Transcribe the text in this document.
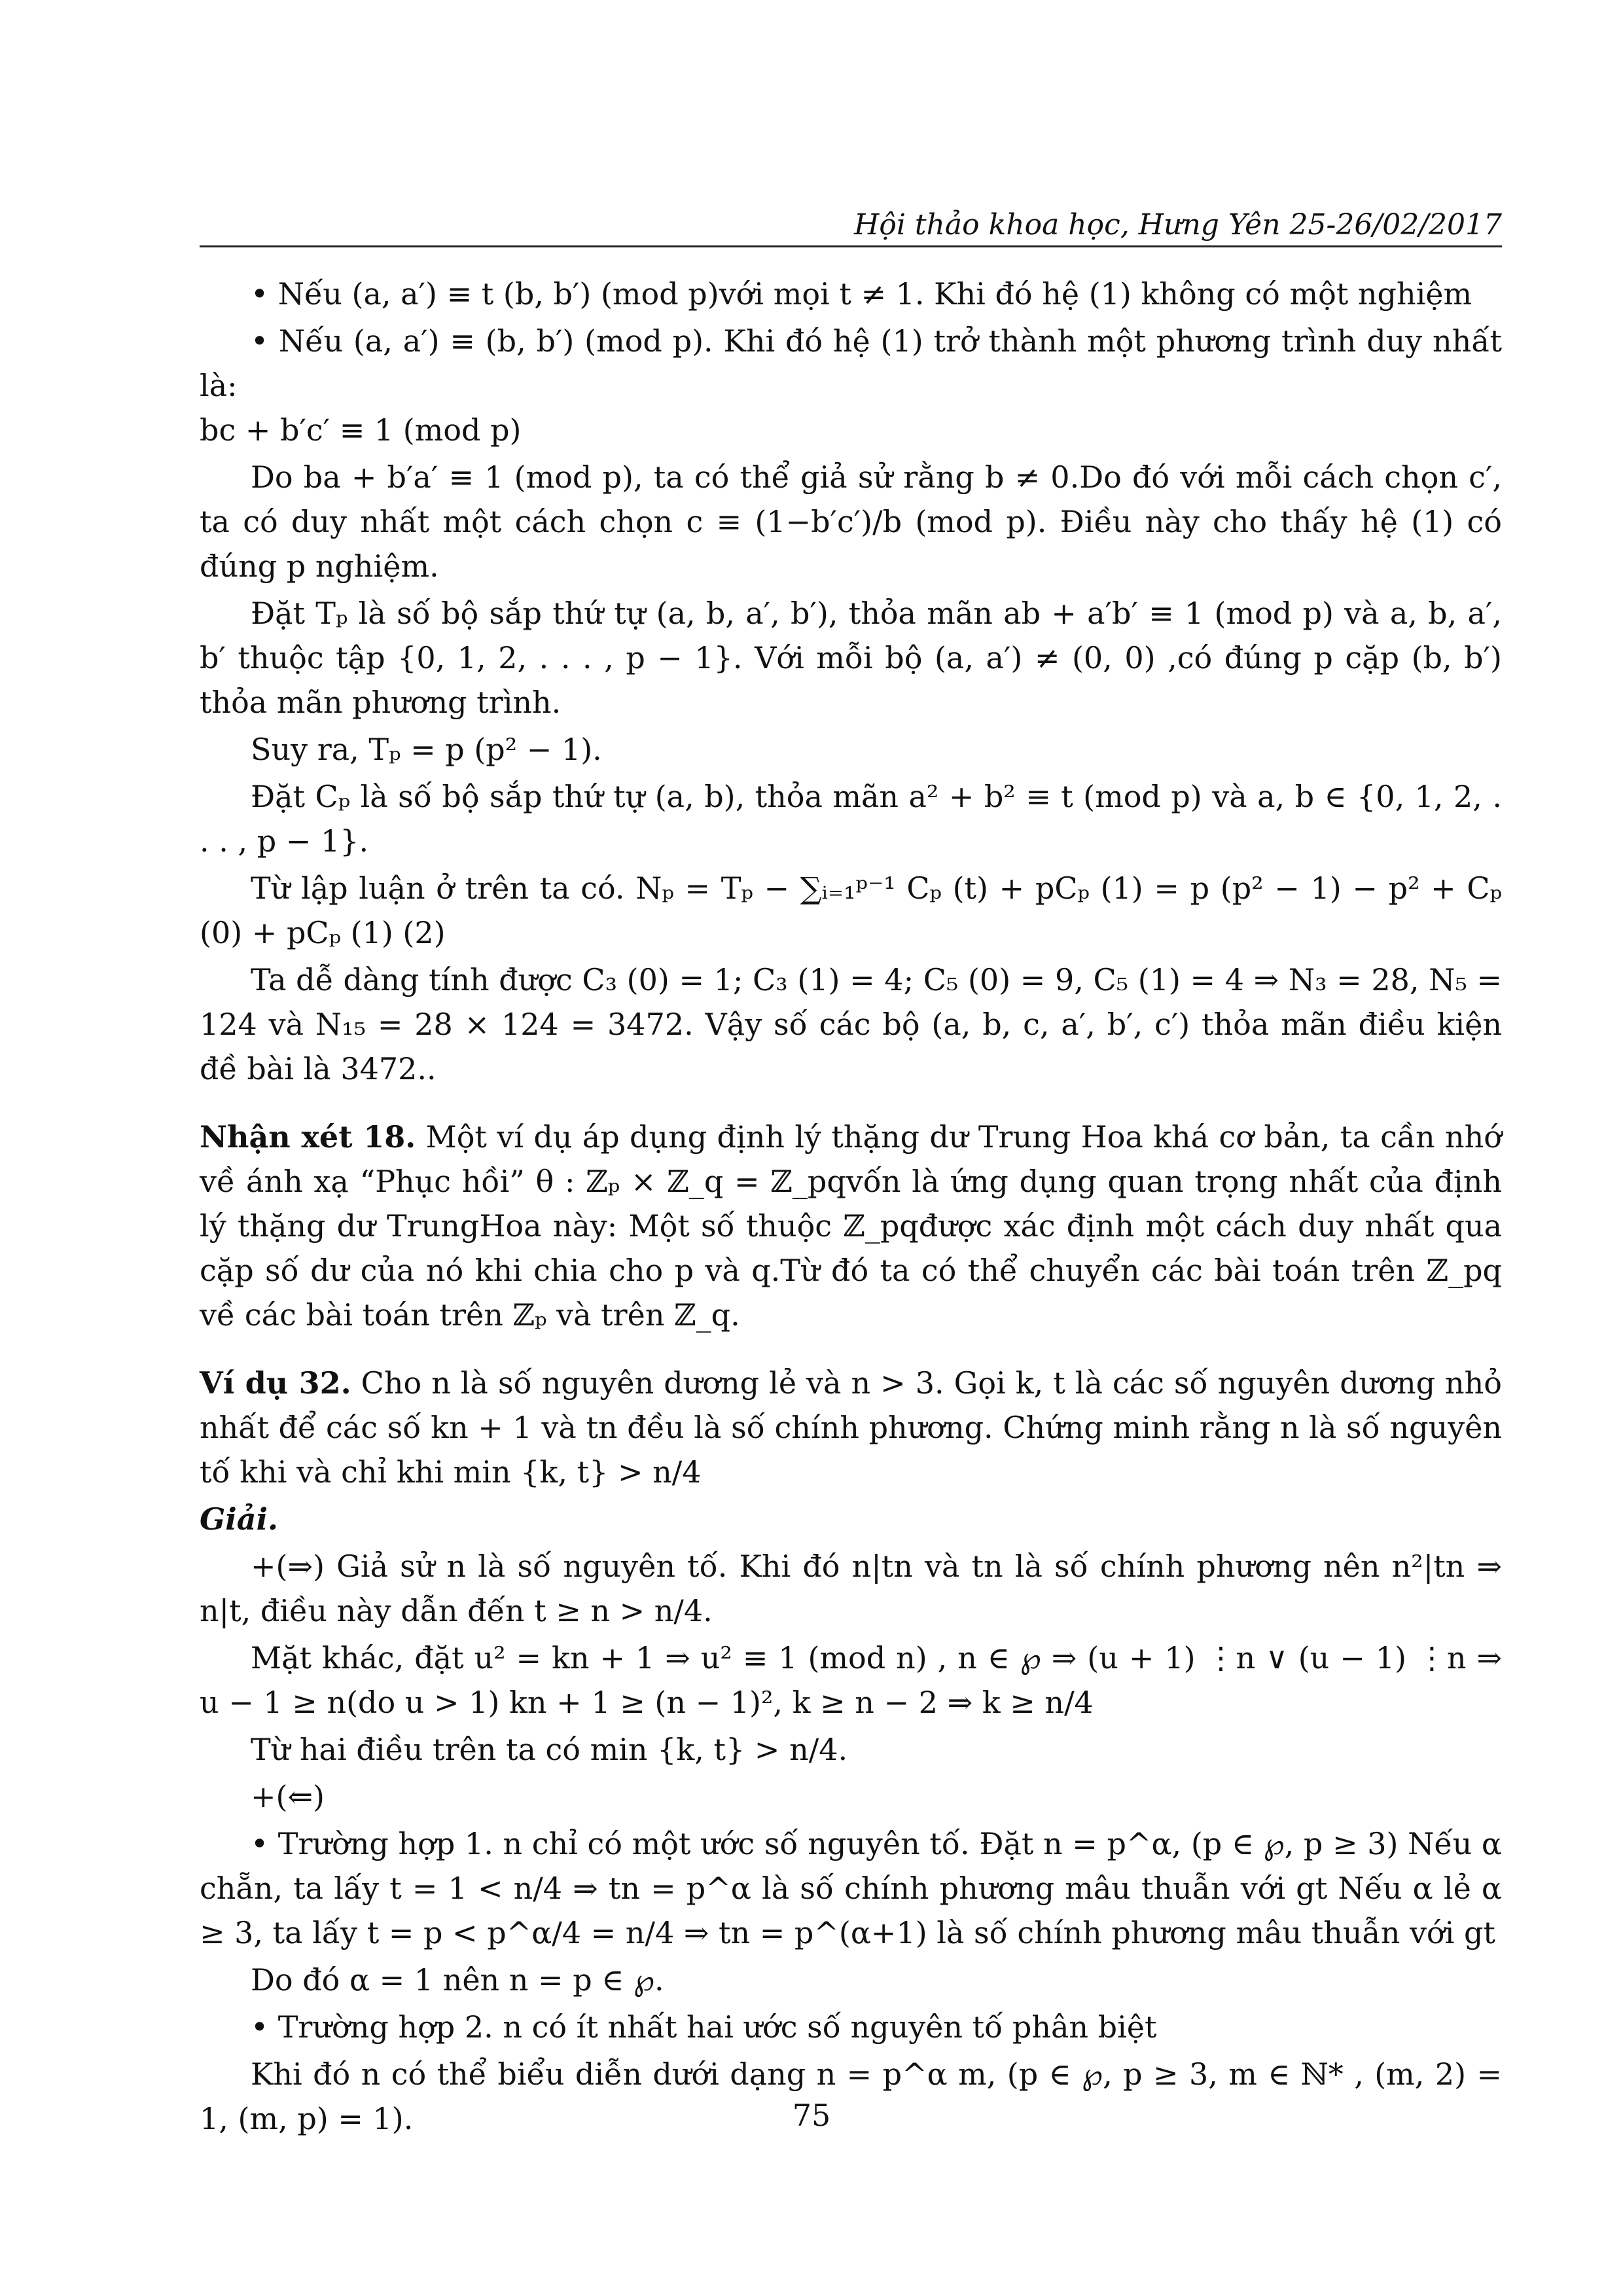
Hội thảo khoa học, Hưng Yên 25-26/02/2017

• Nếu (a, a′) ≡ t (b, b′) (mod p)với mọi t ≠ 1. Khi đó hệ (1) không có một nghiệm

• Nếu (a, a′) ≡ (b, b′) (mod p). Khi đó hệ (1) trở thành một phương trình duy nhất là:

bc + b′c′ ≡ 1 (mod p)

Do ba + b′a′ ≡ 1 (mod p), ta có thể giả sử rằng b ≠ 0.Do đó với mỗi cách chọn c′, ta có duy nhất một cách chọn c ≡ (1−b′c′)/b (mod p). Điều này cho thấy hệ (1) có đúng p nghiệm.

Đặt Tₚ là số bộ sắp thứ tự (a, b, a′, b′), thỏa mãn ab + a′b′ ≡ 1 (mod p) và a, b, a′, b′ thuộc tập {0, 1, 2, . . . , p − 1}. Với mỗi bộ (a, a′) ≠ (0, 0) ,có đúng p cặp (b, b′) thỏa mãn phương trình.

Suy ra, Tₚ = p (p² − 1).

Đặt Cₚ là số bộ sắp thứ tự (a, b), thỏa mãn a² + b² ≡ t (mod p) và a, b ∈ {0, 1, 2, . . . , p − 1}.

Từ lập luận ở trên ta có. Nₚ = Tₚ − ∑ᵢ₌₁ᵖ⁻¹ Cₚ (t) + pCₚ (1) = p (p² − 1) − p² + Cₚ (0) + pCₚ (1) (2)

Ta dễ dàng tính được C₃ (0) = 1; C₃ (1) = 4; C₅ (0) = 9, C₅ (1) = 4 ⇒ N₃ = 28, N₅ = 124 và N₁₅ = 28 × 124 = 3472. Vậy số các bộ (a, b, c, a′, b′, c′) thỏa mãn điều kiện đề bài là 3472..

Nhận xét 18. Một ví dụ áp dụng định lý thặng dư Trung Hoa khá cơ bản, ta cần nhớ về ánh xạ “Phục hồi” θ : ℤₚ × ℤ_q = ℤ_pqvốn là ứng dụng quan trọng nhất của định lý thặng dư TrungHoa này: Một số thuộc ℤ_pqđược xác định một cách duy nhất qua cặp số dư của nó khi chia cho p và q.Từ đó ta có thể chuyển các bài toán trên ℤ_pq về các bài toán trên ℤₚ và trên ℤ_q.

Ví dụ 32. Cho n là số nguyên dương lẻ và n > 3. Gọi k, t là các số nguyên dương nhỏ nhất để các số kn + 1 và tn đều là số chính phương. Chứng minh rằng n là số nguyên tố khi và chỉ khi min {k, t} > n/4

Giải.

+(⇒) Giả sử n là số nguyên tố. Khi đó n|tn và tn là số chính phương nên n²|tn ⇒ n|t, điều này dẫn đến t ≥ n > n/4.

Mặt khác, đặt u² = kn + 1 ⇒ u² ≡ 1 (mod n) , n ∈ ℘ ⇒ (u + 1) ⋮n ∨ (u − 1) ⋮n ⇒ u − 1 ≥ n(do u > 1) kn + 1 ≥ (n − 1)², k ≥ n − 2 ⇒ k ≥ n/4

Từ hai điều trên ta có min {k, t} > n/4.

+(⇐)

• Trường hợp 1. n chỉ có một ước số nguyên tố. Đặt n = p^α, (p ∈ ℘, p ≥ 3) Nếu α chẵn, ta lấy t = 1 < n/4 ⇒ tn = p^α là số chính phương mâu thuẫn với gt Nếu α lẻ α ≥ 3, ta lấy t = p < p^α/4 = n/4 ⇒ tn = p^(α+1) là số chính phương mâu thuẫn với gt

Do đó α = 1 nên n = p ∈ ℘.

• Trường hợp 2. n có ít nhất hai ước số nguyên tố phân biệt

Khi đó n có thể biểu diễn dưới dạng n = p^α m, (p ∈ ℘, p ≥ 3, m ∈ ℕ* , (m, 2) = 1, (m, p) = 1).	75
